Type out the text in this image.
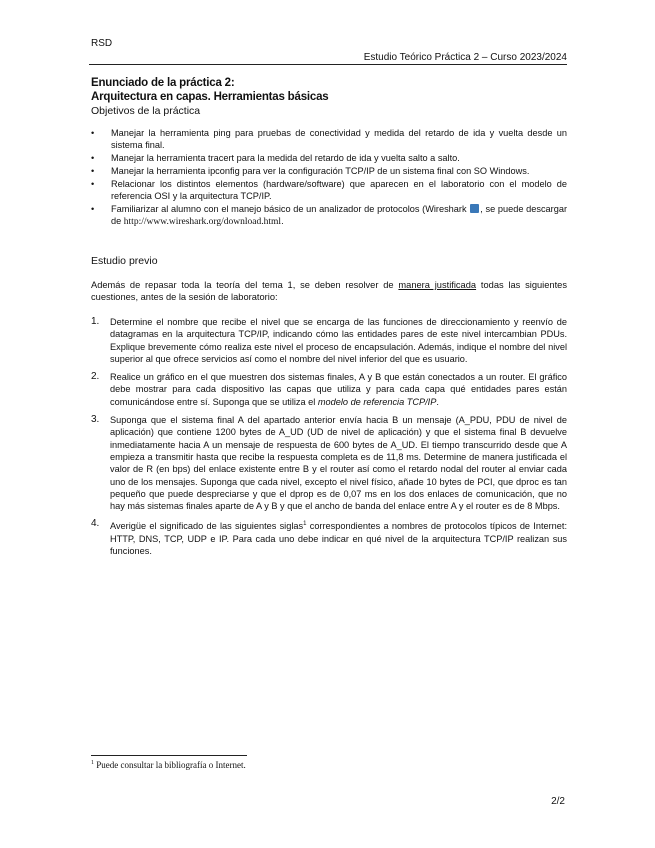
RSD
Estudio Teórico Práctica 2 – Curso 2023/2024
Enunciado de la práctica 2:
Arquitectura en capas. Herramientas básicas
Objetivos de la práctica
• Manejar la herramienta ping para pruebas de conectividad y medida del retardo de ida y vuelta desde un sistema final.
• Manejar la herramienta tracert para la medida del retardo de ida y vuelta salto a salto.
• Manejar la herramienta ipconfig para ver la configuración TCP/IP de un sistema final con SO Windows.
• Relacionar los distintos elementos (hardware/software) que aparecen en el laboratorio con el modelo de referencia OSI y la arquitectura TCP/IP.
• Familiarizar al alumno con el manejo básico de un analizador de protocolos (Wireshark , se puede descargar de http://www.wireshark.org/download.html.
Estudio previo
Además de repasar toda la teoría del tema 1, se deben resolver de manera justificada todas las siguientes cuestiones, antes de la sesión de laboratorio:
1. Determine el nombre que recibe el nivel que se encarga de las funciones de direccionamiento y reenvío de datagramas en la arquitectura TCP/IP, indicando cómo las entidades pares de este nivel intercambian PDUs. Explique brevemente cómo realiza este nivel el proceso de encapsulación. Además, indique el nombre del nivel superior al que ofrece servicios así como el nombre del nivel inferior del que es usuario.
2. Realice un gráfico en el que muestren dos sistemas finales, A y B que están conectados a un router. El gráfico debe mostrar para cada dispositivo las capas que utiliza y para cada capa qué entidades pares están comunicándose entre sí. Suponga que se utiliza el modelo de referencia TCP/IP.
3. Suponga que el sistema final A del apartado anterior envía hacia B un mensaje (A_PDU, PDU de nivel de aplicación) que contiene 1200 bytes de A_UD (UD de nivel de aplicación) y que el sistema final B devuelve inmediatamente hacia A un mensaje de respuesta de 600 bytes de A_UD. El tiempo transcurrido desde que A empieza a transmitir hasta que recibe la respuesta completa es de 11,8 ms. Determine de manera justificada el valor de R (en bps) del enlace existente entre B y el router así como el retardo nodal del router al enviar cada uno de los mensajes. Suponga que cada nivel, excepto el nivel físico, añade 10 bytes de PCI, que dproc es tan pequeño que puede despreciarse y que el dprop es de 0,07 ms en los dos enlaces de comunicación, que no hay más sistemas finales aparte de A y B y que el ancho de banda del enlace entre A y el router es de 8 Mbps.
4. Averigüe el significado de las siguientes siglas$^1$ correspondientes a nombres de protocolos típicos de Internet: HTTP, DNS, TCP, UDP e IP. Para cada uno debe indicar en qué nivel de la arquitectura TCP/IP realizan sus funciones.
$^1$ Puede consultar la bibliografía o Internet.
2/2
